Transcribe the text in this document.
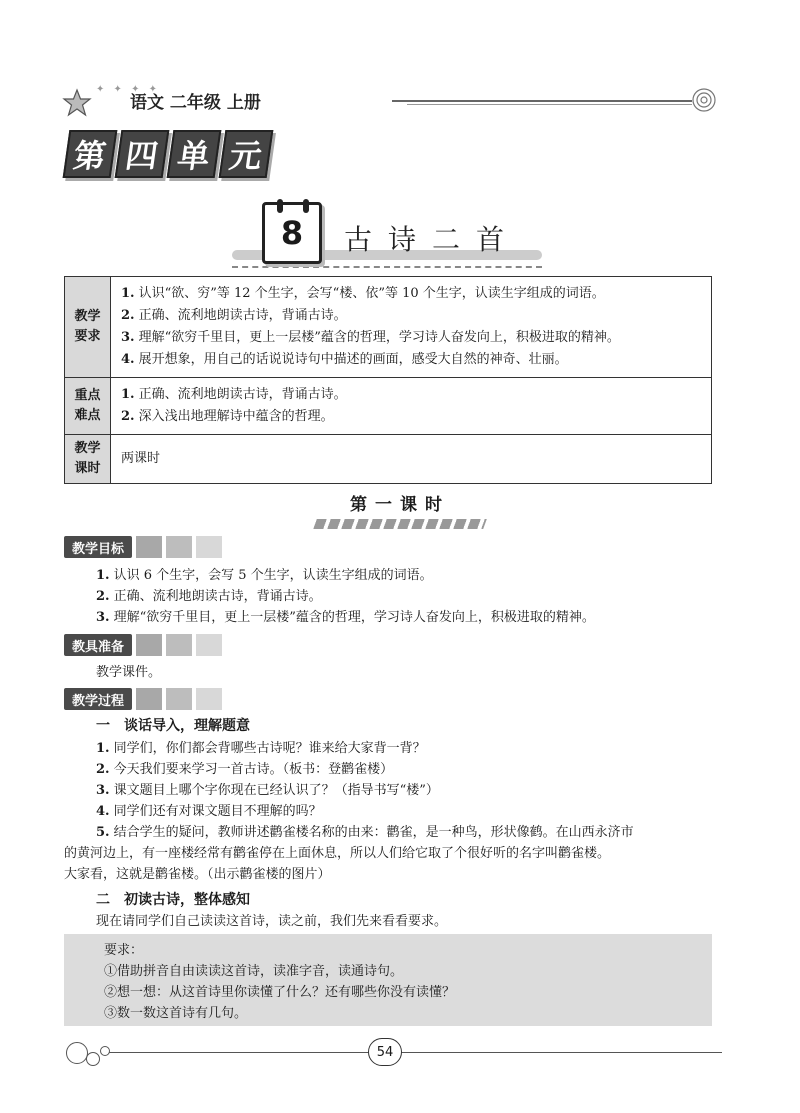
✦ ✦ ✦ ✦
语文 二年级 上册
第 四 单 元
8 古诗二首
教学要求
1. 认识“欲、穷”等 12 个生字，会写“楼、依”等 10 个生字，认读生字组成的词语。
2. 正确、流利地朗读古诗，背诵古诗。
3. 理解“欲穷千里目，更上一层楼”蕴含的哲理，学习诗人奋发向上，积极进取的精神。
4. 展开想象，用自己的话说说诗句中描述的画面，感受大自然的神奇、壮丽。
重点难点
1. 正确、流利地朗读古诗，背诵古诗。
2. 深入浅出地理解诗中蕴含的哲理。
教学课时
两课时
第一课时
教学目标
1. 认识 6 个生字，会写 5 个生字，认读生字组成的词语。
2. 正确、流利地朗读古诗，背诵古诗。
3. 理解“欲穷千里目，更上一层楼”蕴含的哲理，学习诗人奋发向上，积极进取的精神。
教具准备
教学课件。
教学过程
一　谈话导入，理解题意
1. 同学们，你们都会背哪些古诗呢？谁来给大家背一背？
2. 今天我们要来学习一首古诗。（板书：登鹳雀楼）
3. 课文题目上哪个字你现在已经认识了？（指导书写“楼”）
4. 同学们还有对课文题目不理解的吗？
5. 结合学生的疑问，教师讲述鹳雀楼名称的由来：鹳雀，是一种鸟，形状像鹤。在山西永济市
的黄河边上，有一座楼经常有鹳雀停在上面休息，所以人们给它取了个很好听的名字叫鹳雀楼。
大家看，这就是鹳雀楼。（出示鹳雀楼的图片）
二　初读古诗，整体感知
现在请同学们自己读读这首诗，读之前，我们先来看看要求。
要求：
①借助拼音自由读读这首诗，读准字音，读通诗句。
②想一想：从这首诗里你读懂了什么？还有哪些你没有读懂？
③数一数这首诗有几句。
54
